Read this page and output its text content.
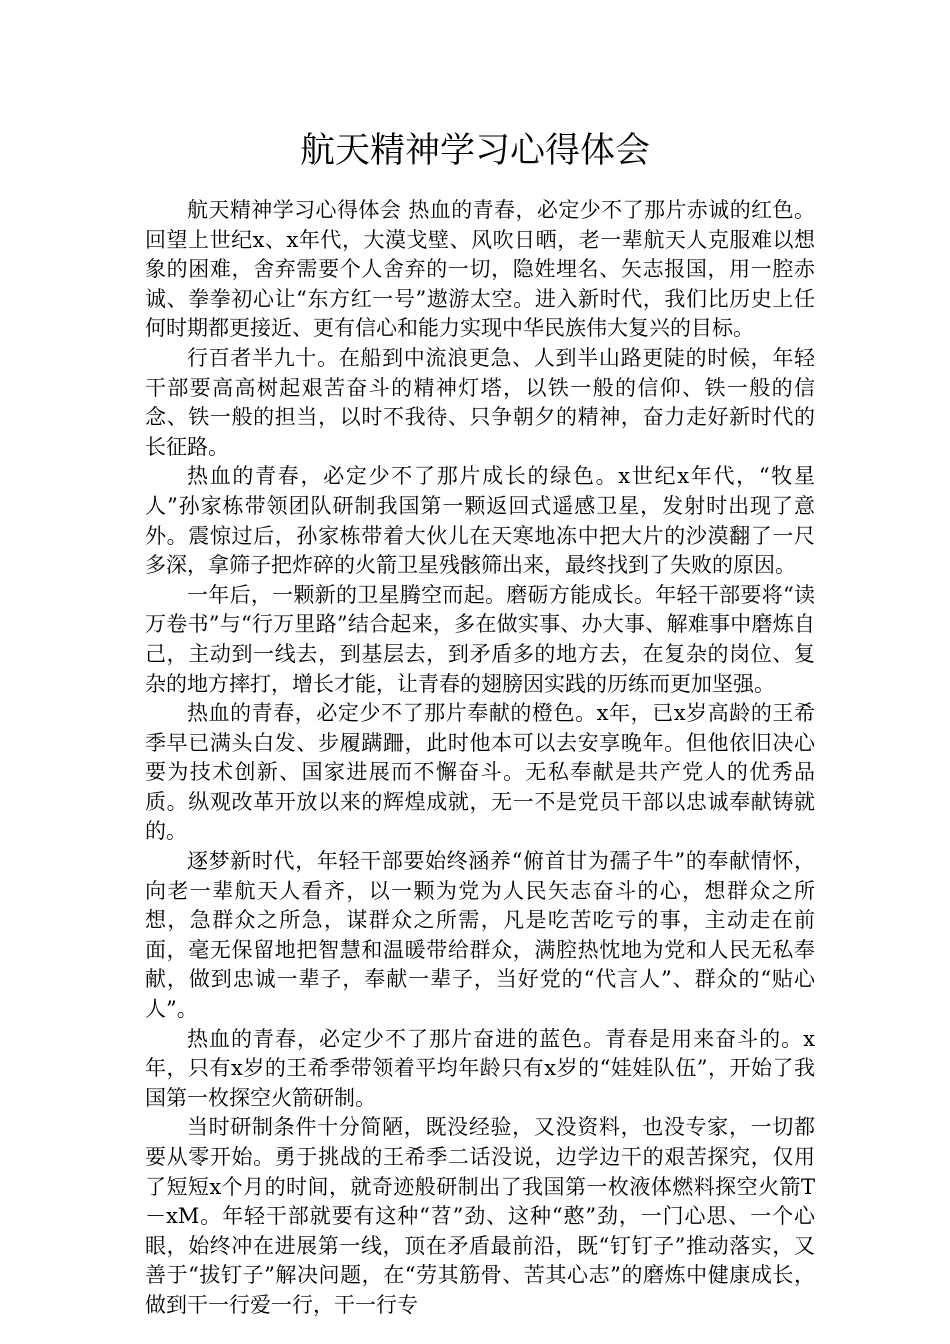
航天精神学习心得体会

航天精神学习心得体会 热血的青春，必定少不了那片赤诚的红色。回望上世纪x、x年代，大漠戈壁、风吹日晒，老一辈航天人克服难以想象的困难，舍弃需要个人舍弃的一切，隐姓埋名、矢志报国，用一腔赤诚、拳拳初心让“东方红一号”遨游太空。进入新时代，我们比历史上任何时期都更接近、更有信心和能力实现中华民族伟大复兴的目标。

行百者半九十。在船到中流浪更急、人到半山路更陡的时候，年轻干部要高高树起艰苦奋斗的精神灯塔，以铁一般的信仰、铁一般的信念、铁一般的担当，以时不我待、只争朝夕的精神，奋力走好新时代的长征路。

热血的青春，必定少不了那片成长的绿色。x世纪x年代，“牧星人”孙家栋带领团队研制我国第一颗返回式遥感卫星，发射时出现了意外。震惊过后，孙家栋带着大伙儿在天寒地冻中把大片的沙漠翻了一尺多深，拿筛子把炸碎的火箭卫星残骸筛出来，最终找到了失败的原因。

一年后，一颗新的卫星腾空而起。磨砺方能成长。年轻干部要将“读万卷书”与“行万里路”结合起来，多在做实事、办大事、解难事中磨炼自己，主动到一线去，到基层去，到矛盾多的地方去，在复杂的岗位、复杂的地方摔打，增长才能，让青春的翅膀因实践的历练而更加坚强。

热血的青春，必定少不了那片奉献的橙色。x年，已x岁高龄的王希季早已满头白发、步履蹒跚，此时他本可以去安享晚年。但他依旧决心要为技术创新、国家进展而不懈奋斗。无私奉献是共产党人的优秀品质。纵观改革开放以来的辉煌成就，无一不是党员干部以忠诚奉献铸就的。

逐梦新时代，年轻干部要始终涵养“俯首甘为孺子牛”的奉献情怀，向老一辈航天人看齐，以一颗为党为人民矢志奋斗的心，想群众之所想，急群众之所急，谋群众之所需，凡是吃苦吃亏的事，主动走在前面，毫无保留地把智慧和温暖带给群众，满腔热忱地为党和人民无私奉献，做到忠诚一辈子，奉献一辈子，当好党的“代言人”、群众的“贴心人”。

热血的青春，必定少不了那片奋进的蓝色。青春是用来奋斗的。x年，只有x岁的王希季带领着平均年龄只有x岁的“娃娃队伍”，开始了我国第一枚探空火箭研制。

当时研制条件十分简陋，既没经验，又没资料，也没专家，一切都要从零开始。勇于挑战的王希季二话没说，边学边干的艰苦探究，仅用了短短x个月的时间，就奇迹般研制出了我国第一枚液体燃料探空火箭T－xM。年轻干部就要有这种“苕”劲、这种“憨”劲，一门心思、一个心眼，始终冲在进展第一线，顶在矛盾最前沿，既“钉钉子”推动落实，又善于“拔钉子”解决问题，在“劳其筋骨、苦其心志”的磨炼中健康成长，做到干一行爱一行，干一行专
